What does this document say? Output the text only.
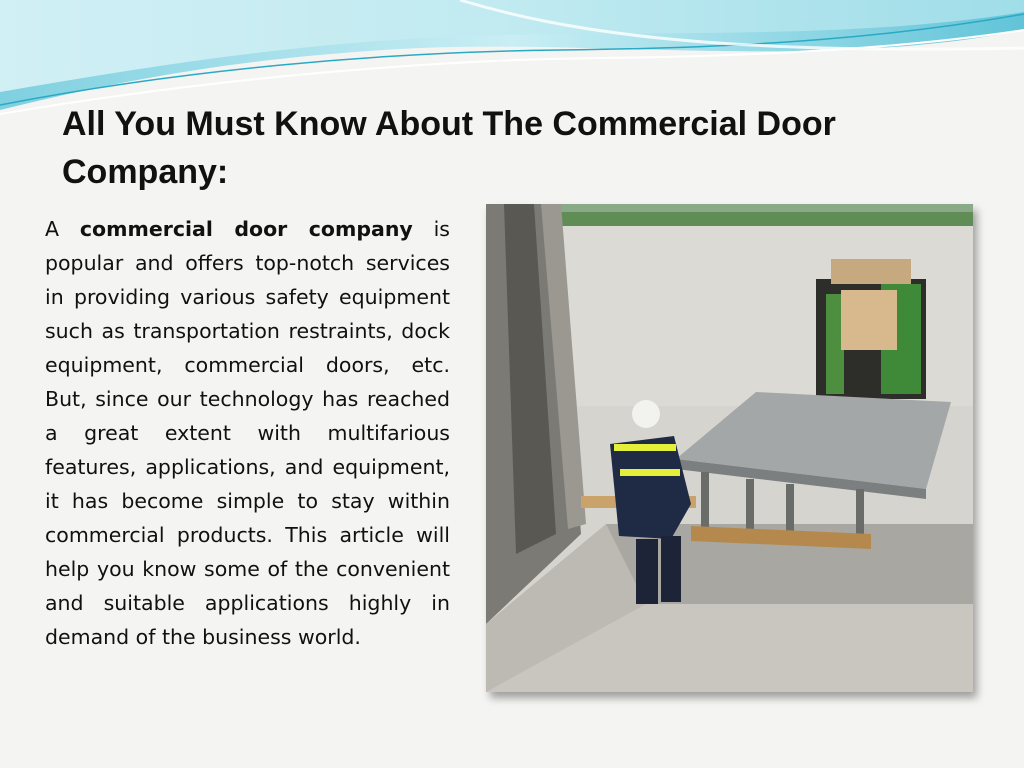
All You Must Know About The Commercial Door Company:

A commercial door company is popular and offers top-notch services in providing various safety equipment such as transportation restraints, dock equipment, commercial doors, etc. But, since our technology has reached a great extent with multifarious features, applications, and equipment, it has become simple to stay within commercial products. This article will help you know some of the convenient and suitable applications highly in demand of the business world.
